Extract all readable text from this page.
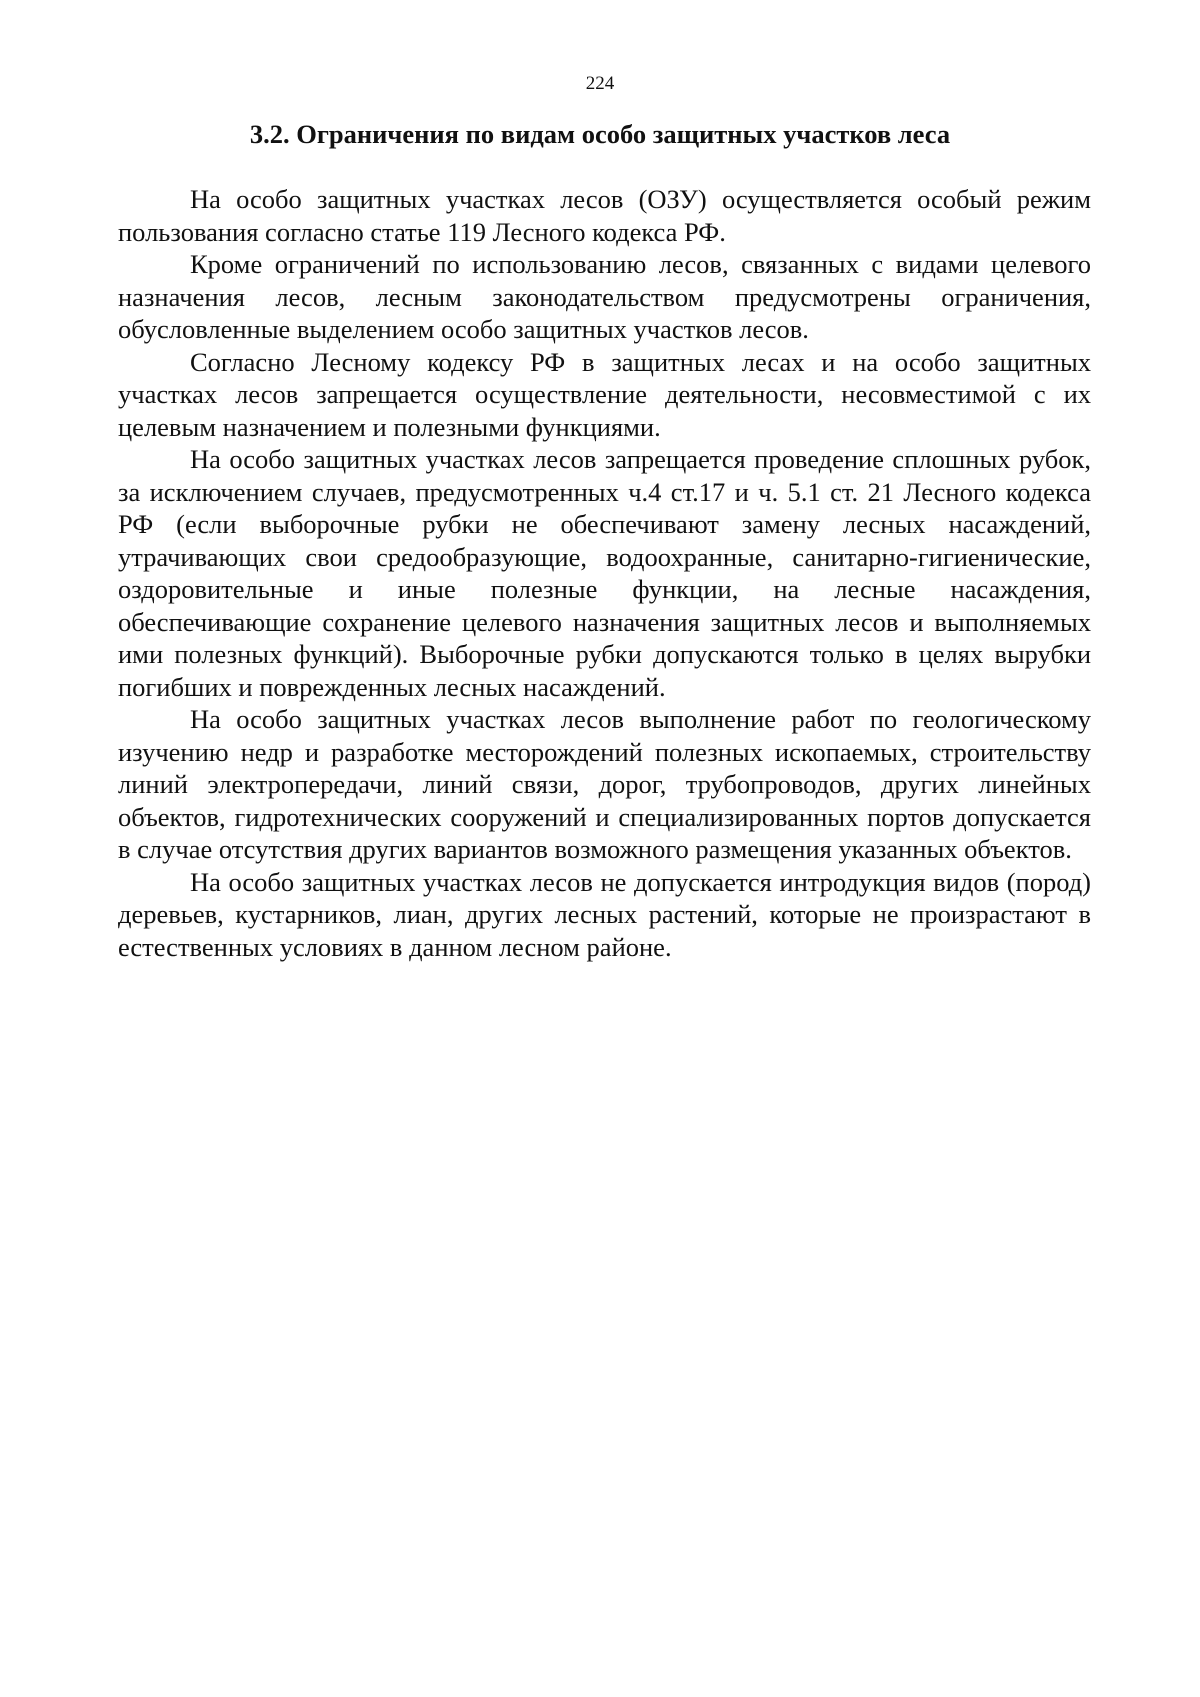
224
3.2. Ограничения по видам особо защитных участков леса

На особо защитных участках лесов (ОЗУ) осуществляется особый режим пользования согласно статье 119 Лесного кодекса РФ.

Кроме ограничений по использованию лесов, связанных с видами целевого назначения лесов, лесным законодательством предусмотрены ограничения, обусловленные выделением особо защитных участков лесов.

Согласно Лесному кодексу РФ в защитных лесах и на особо защитных участках лесов запрещается осуществление деятельности, несовместимой с их целевым назначением и полезными функциями.

На особо защитных участках лесов запрещается проведение сплошных рубок, за исключением случаев, предусмотренных ч.4 ст.17 и ч. 5.1 ст. 21 Лесного кодекса РФ (если выборочные рубки не обеспечивают замену лесных насаждений, утрачивающих свои средообразующие, водоохранные, санитарно-гигиенические, оздоровительные и иные полезные функции, на лесные насаждения, обеспечивающие сохранение целевого назначения защитных лесов и выполняемых ими полезных функций). Выборочные рубки допускаются только в целях вырубки погибших и поврежденных лесных насаждений.

На особо защитных участках лесов выполнение работ по геологическому изучению недр и разработке месторождений полезных ископаемых, строительству линий электропередачи, линий связи, дорог, трубопроводов, других линейных объектов, гидротехнических сооружений и специализированных портов допускается в случае отсутствия других вариантов возможного размещения указанных объектов.

На особо защитных участках лесов не допускается интродукция видов (пород) деревьев, кустарников, лиан, других лесных растений, которые не произрастают в естественных условиях в данном лесном районе.
